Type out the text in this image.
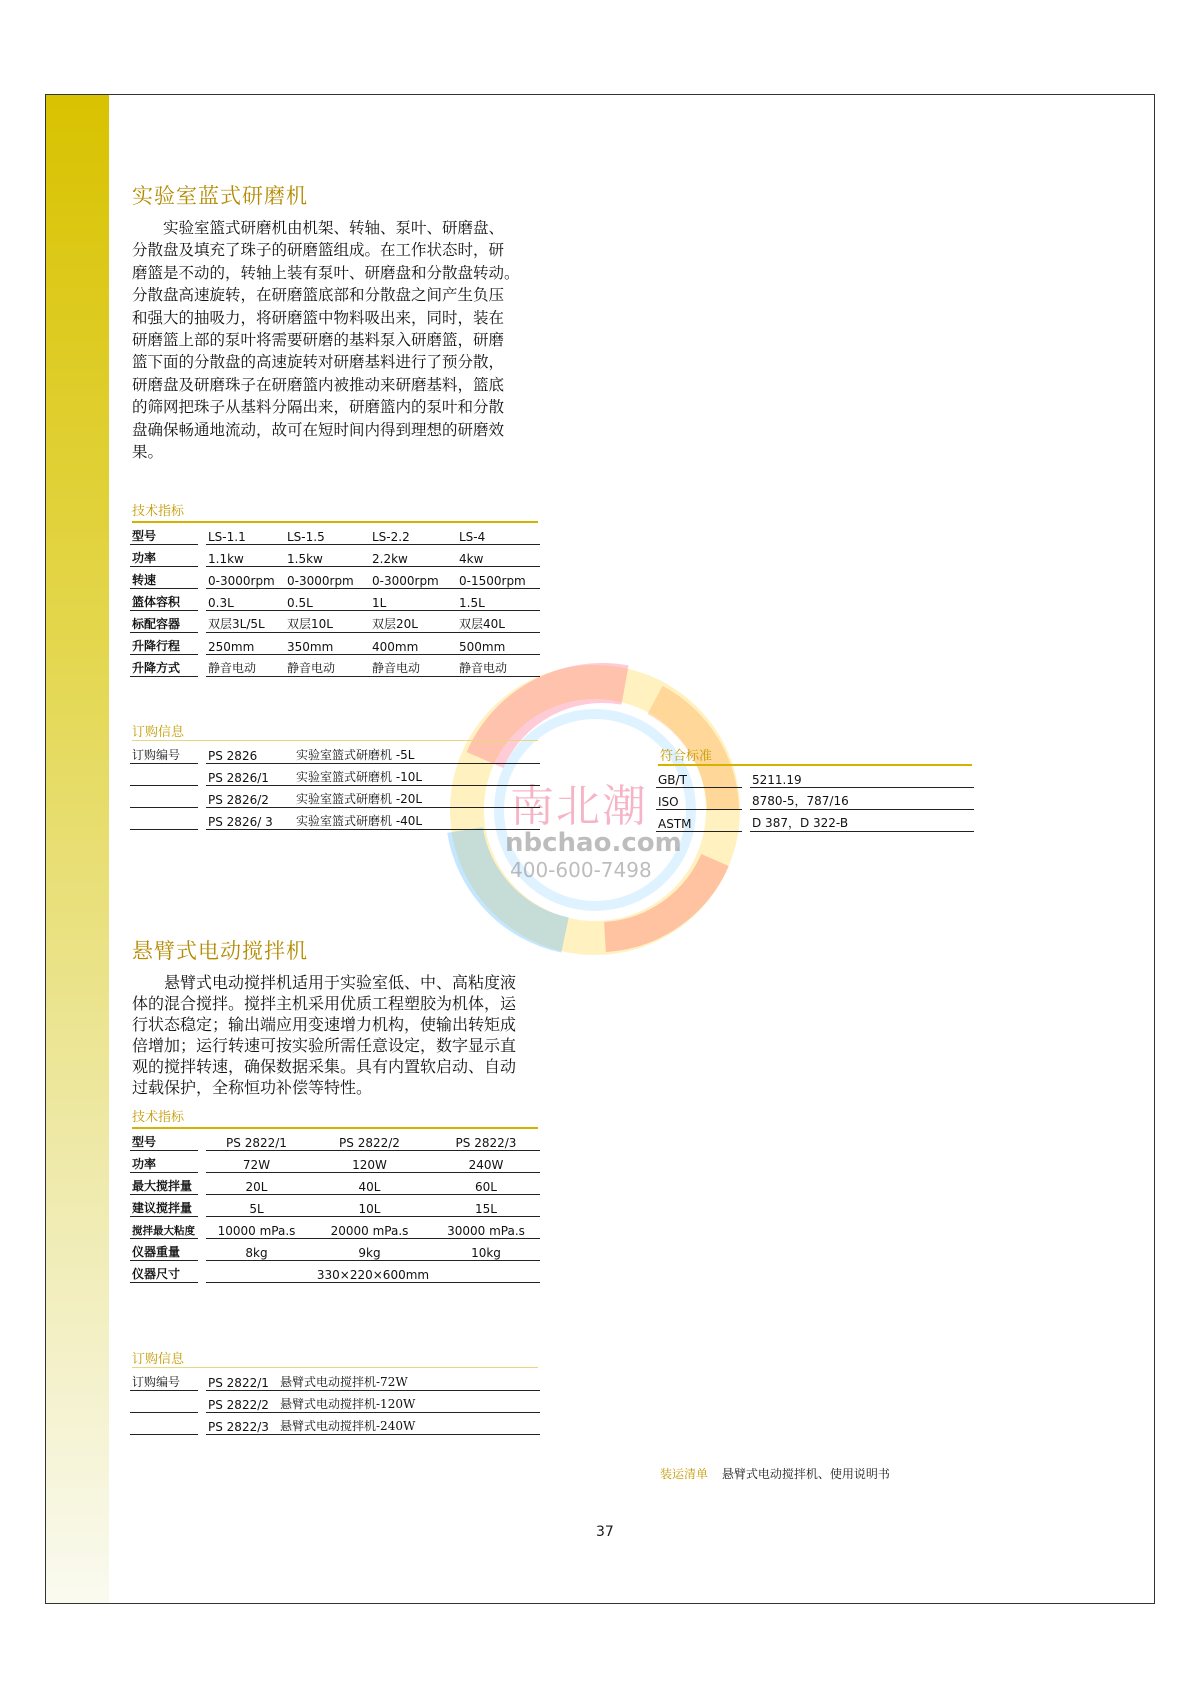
南北潮
nbchao.com
400-600-7498
实验室蓝式研磨机

　　实验室篮式研磨机由机架、转轴、泵叶、研磨盘、
分散盘及填充了珠子的研磨篮组成。在工作状态时，研
磨篮是不动的，转轴上装有泵叶、研磨盘和分散盘转动。
分散盘高速旋转，在研磨篮底部和分散盘之间产生负压
和强大的抽吸力，将研磨篮中物料吸出来，同时，装在
研磨篮上部的泵叶将需要研磨的基料泵入研磨篮，研磨
篮下面的分散盘的高速旋转对研磨基料进行了预分散，
研磨盘及研磨珠子在研磨篮内被推动来研磨基料，篮底
的筛网把珠子从基料分隔出来，研磨篮内的泵叶和分散
盘确保畅通地流动，故可在短时间内得到理想的研磨效
果。

技术指标
型号	LS-1.1	LS-1.5	LS-2.2	LS-4
功率	1.1kw	1.5kw	2.2kw	4kw
转速	0-3000rpm	0-3000rpm	0-3000rpm	0-1500rpm
篮体容积	0.3L	0.5L	1L	1.5L
标配容器	双层3L/5L	双层10L	双层20L	双层40L
升降行程	250mm	350mm	400mm	500mm
升降方式	静音电动	静音电动	静音电动	静音电动
订购信息
订购编号	PS 2826	实验室篮式研磨机 -5L
	PS 2826/1	实验室篮式研磨机 -10L
	PS 2826/2	实验室篮式研磨机 -20L
	PS 2826/ 3	实验室篮式研磨机 -40L
符合标准
GB/T	5211.19
ISO	8780-5，787/16
ASTM	D 387，D 322-B
悬臂式电动搅拌机

　　悬臂式电动搅拌机适用于实验室低、中、高粘度液
体的混合搅拌。搅拌主机采用优质工程塑胶为机体，运
行状态稳定；输出端应用变速增力机构，使输出转矩成
倍增加；运行转速可按实验所需任意设定，数字显示直
观的搅拌转速，确保数据采集。具有内置软启动、自动
过载保护，全称恒功补偿等特性。

技术指标
型号	PS 2822/1	PS 2822/2	PS 2822/3
功率	72W	120W	240W
最大搅拌量	20L	40L	60L
建议搅拌量	5L	10L	15L
搅拌最大粘度	10000 mPa.s	20000 mPa.s	30000 mPa.s
仪器重量	8kg	9kg	10kg
仪器尺寸	330×220×600mm		
订购信息
订购编号	PS 2822/1	悬臂式电动搅拌机-72W
	PS 2822/2	悬臂式电动搅拌机-120W
	PS 2822/3	悬臂式电动搅拌机-240W
装运清单 悬臂式电动搅拌机、使用说明书
37
